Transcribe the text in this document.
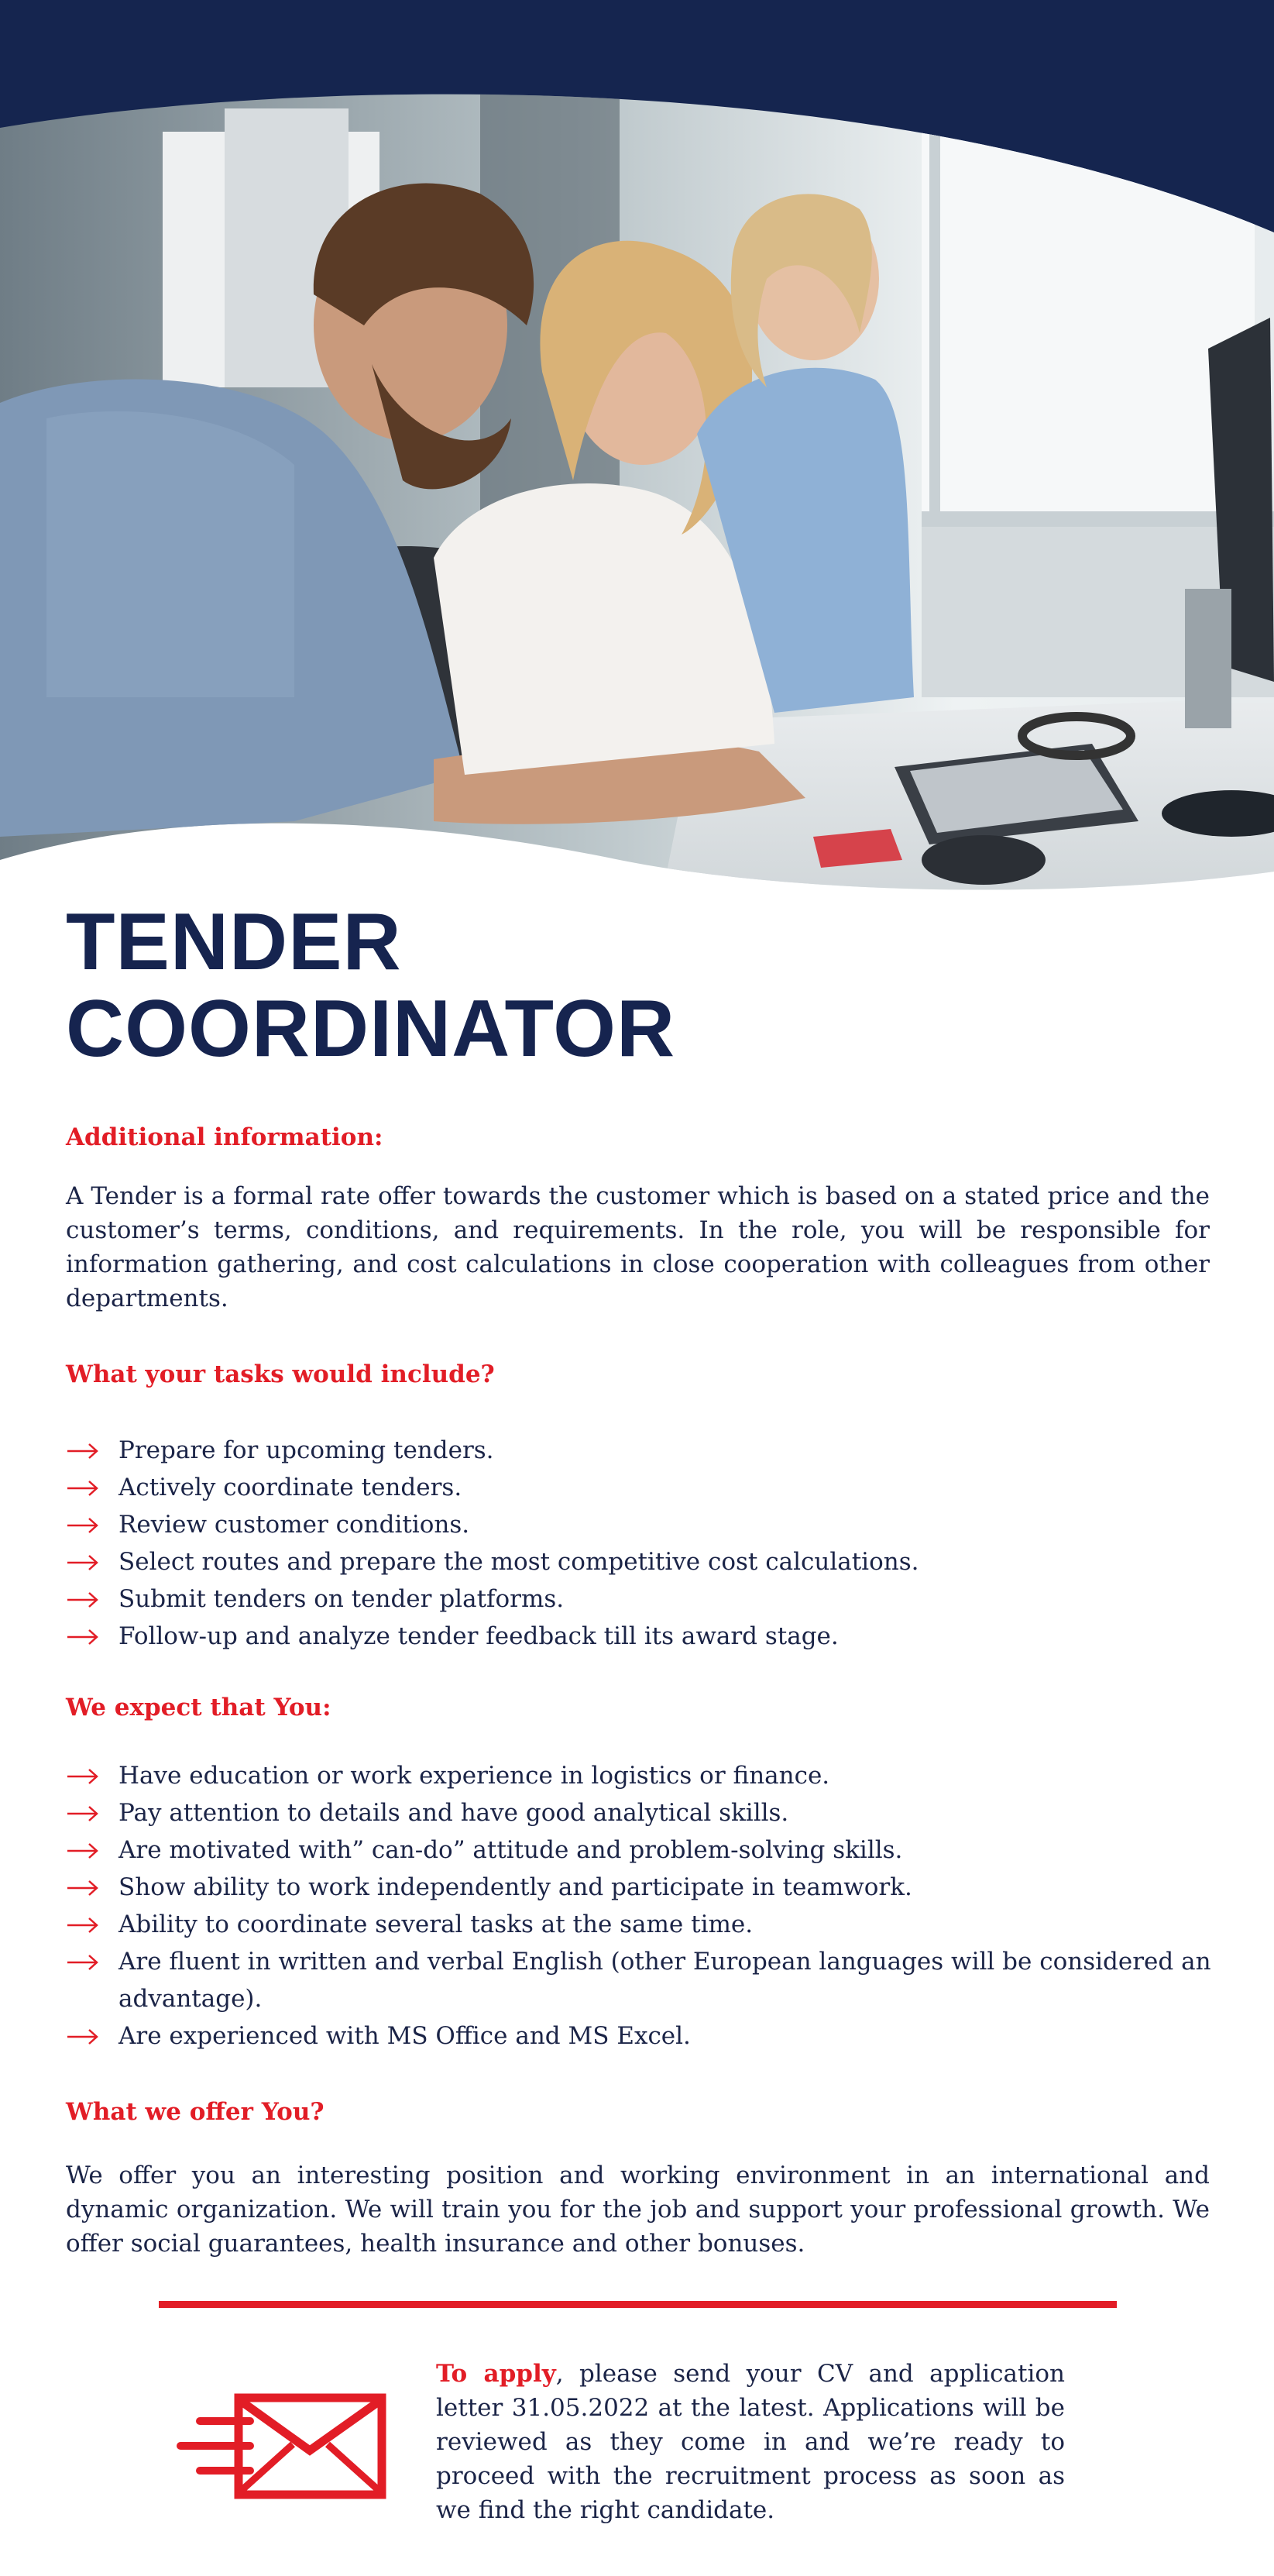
TENDER
COORDINATOR
Additional information:

A Tender is a formal rate offer towards the customer which is based on a stated price and the customer’s terms, conditions, and requirements. In the role, you will be responsible for information gathering, and cost calculations in close cooperation with colleagues from other departments.

What your tasks would include?
Prepare for upcoming tenders.
Actively coordinate tenders.
Review customer conditions.
Select routes and prepare the most competitive cost calculations.
Submit tenders on tender platforms.
Follow-up and analyze tender feedback till its award stage.
We expect that You:
Have education or work experience in logistics or finance.
Pay attention to details and have good analytical skills.
Are motivated with” can-do” attitude and problem-solving skills.
Show ability to work independently and participate in teamwork.
Ability to coordinate several tasks at the same time.
Are fluent in written and verbal English (other European languages will be considered an advantage).
Are experienced with MS Office and MS Excel.
What we offer You?

We offer you an interesting position and working environment in an international and dynamic organization. We will train you for the job and support your professional growth. We offer social guarantees, health insurance and other bonuses.

To apply, please send your CV and application letter 31.05.2022 at the latest. Applications will be reviewed as they come in and we’re ready to proceed with the recruitment process as soon as we find the right candidate.
